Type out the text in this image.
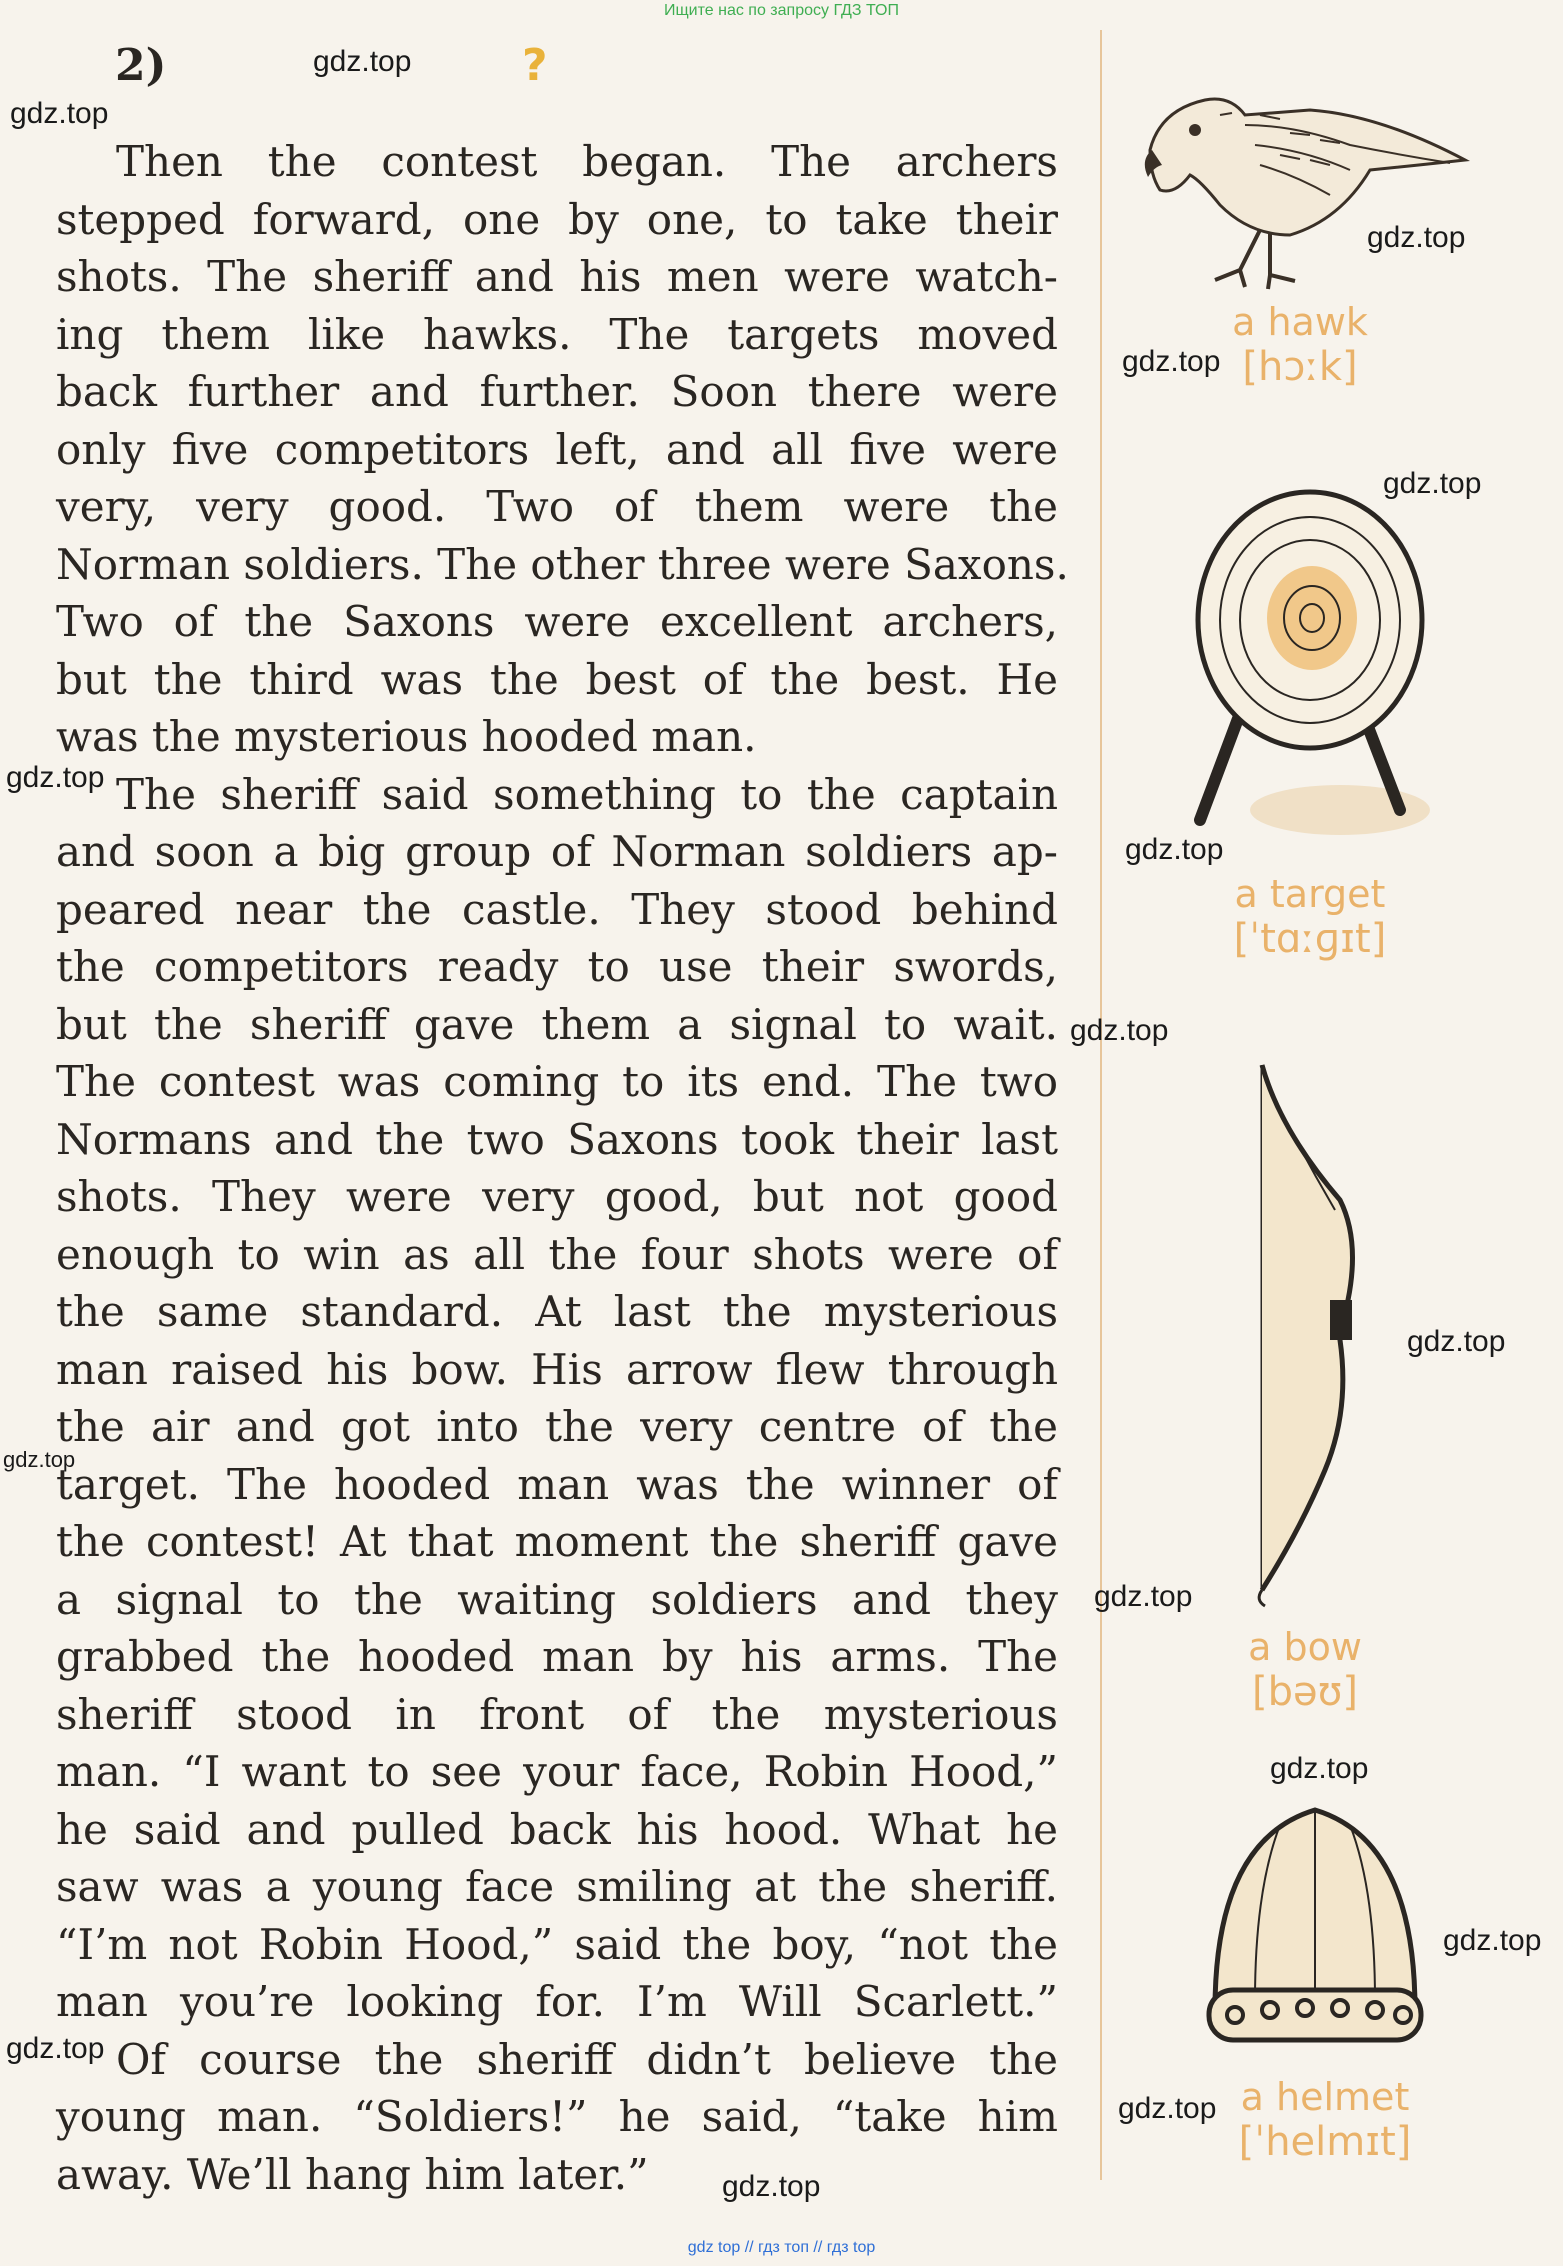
Ищите нас по запросу ГДЗ ТОП
2)	?
Then the contest began. The archers
stepped forward, one by one, to take their
shots. The sheriff and his men were watch-
ing them like hawks. The targets moved
back further and further. Soon there were
only five competitors left, and all five were
very, very good. Two of them were the
Norman soldiers. The other three were Saxons.
Two of the Saxons were excellent archers,
but the third was the best of the best. He
was the mysterious hooded man.
The sheriff said something to the captain
and soon a big group of Norman soldiers ap-
peared near the castle. They stood behind
the competitors ready to use their swords,
but the sheriff gave them a signal to wait.
The contest was coming to its end. The two
Normans and the two Saxons took their last
shots. They were very good, but not good
enough to win as all the four shots were of
the same standard. At last the mysterious
man raised his bow. His arrow flew through
the air and got into the very centre of the
target. The hooded man was the winner of
the contest! At that moment the sheriff gave
a signal to the waiting soldiers and they
grabbed the hooded man by his arms. The
sheriff stood in front of the mysterious
man. “I want to see your face, Robin Hood,”
he said and pulled back his hood. What he
saw was a young face smiling at the sheriff.
“I’m not Robin Hood,” said the boy, “not the
man you’re looking for. I’m Will Scarlett.”
Of course the sheriff didn’t believe the
young man. “Soldiers!” he said, “take him
away. We’ll hang him later.”
a hawk
[hɔːk]
a target
[ˈtɑːɡɪt]
a bow
[bəʊ]
a helmet
[ˈhelmɪt]
gdz.top
gdz.top
gdz.top
gdz.top
gdz.top
gdz.top
gdz.top
gdz.top
gdz.top
gdz.top
gdz.top
gdz.top
gdz.top
gdz.top
gdz.top
gdz.top
gdz top // гдз топ // гдз top
